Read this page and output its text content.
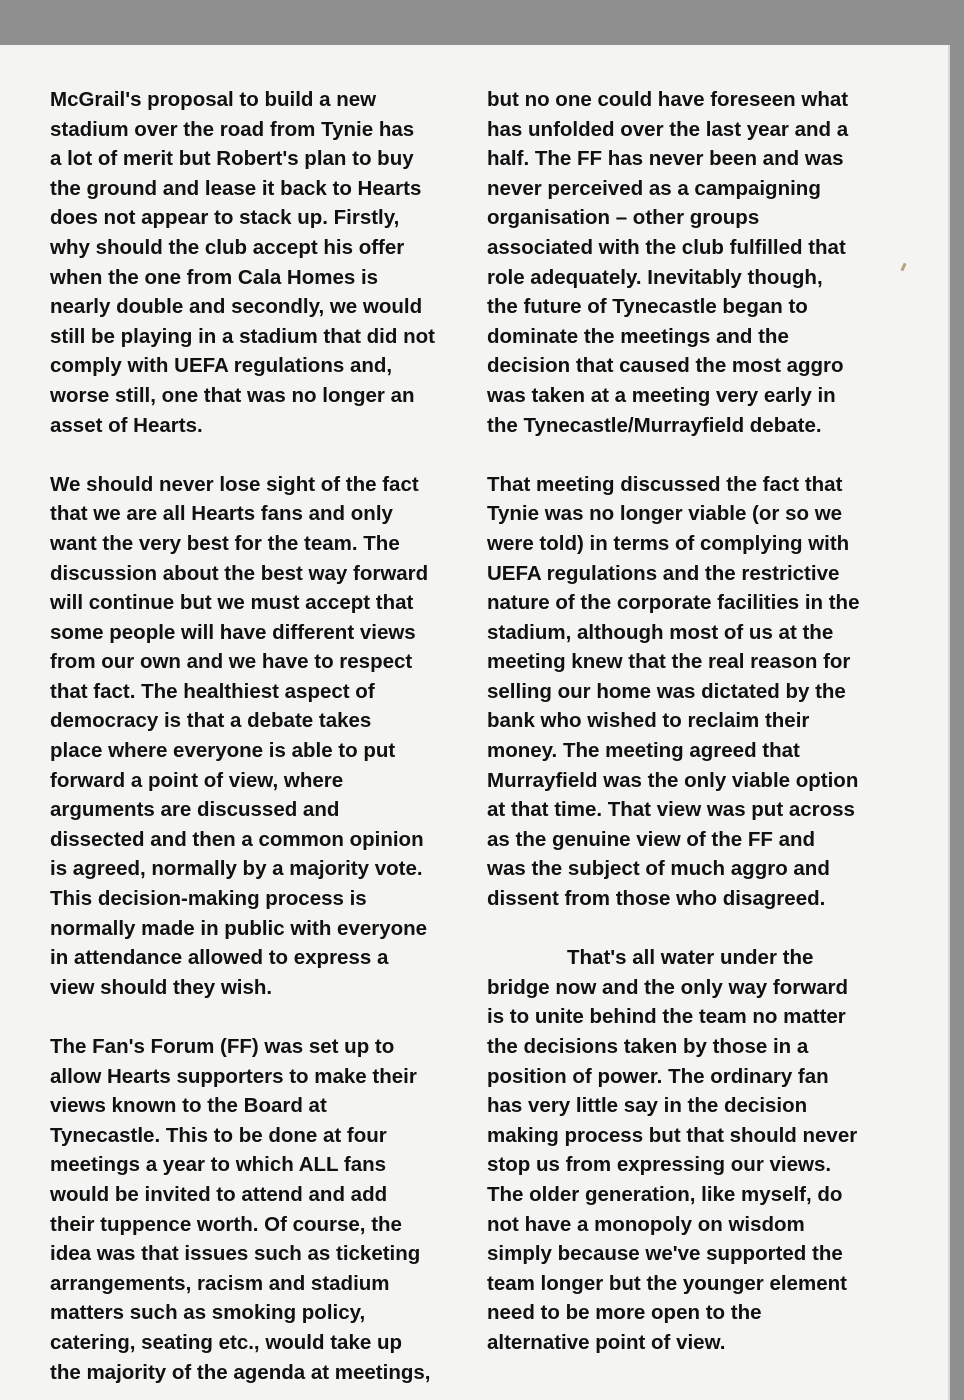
McGrail's proposal to build a new
stadium over the road from Tynie has
a lot of merit but Robert's plan to buy
the ground and lease it back to Hearts
does not appear to stack up. Firstly,
why should the club accept his offer
when the one from Cala Homes is
nearly double and secondly, we would
still be playing in a stadium that did not
comply with UEFA regulations and,
worse still, one that was no longer an
asset of Hearts.
We should never lose sight of the fact
that we are all Hearts fans and only
want the very best for the team. The
discussion about the best way forward
will continue but we must accept that
some people will have different views
from our own and we have to respect
that fact. The healthiest aspect of
democracy is that a debate takes
place where everyone is able to put
forward a point of view, where
arguments are discussed and
dissected and then a common opinion
is agreed, normally by a majority vote.
This decision-making process is
normally made in public with everyone
in attendance allowed to express a
view should they wish.
The Fan's Forum (FF) was set up to
allow Hearts supporters to make their
views known to the Board at
Tynecastle. This to be done at four
meetings a year to which ALL fans
would be invited to attend and add
their tuppence worth. Of course, the
idea was that issues such as ticketing
arrangements, racism and stadium
matters such as smoking policy,
catering, seating etc., would take up
the majority of the agenda at meetings,
but no one could have foreseen what
has unfolded over the last year and a
half. The FF has never been and was
never perceived as a campaigning
organisation – other groups
associated with the club fulfilled that
role adequately. Inevitably though,
the future of Tynecastle began to
dominate the meetings and the
decision that caused the most aggro
was taken at a meeting very early in
the Tynecastle/Murrayfield debate.
That meeting discussed the fact that
Tynie was no longer viable (or so we
were told) in terms of complying with
UEFA regulations and the restrictive
nature of the corporate facilities in the
stadium, although most of us at the
meeting knew that the real reason for
selling our home was dictated by the
bank who wished to reclaim their
money. The meeting agreed that
Murrayfield was the only viable option
at that time. That view was put across
as the genuine view of the FF and
was the subject of much aggro and
dissent from those who disagreed.
That's all water under the
bridge now and the only way forward
is to unite behind the team no matter
the decisions taken by those in a
position of power. The ordinary fan
has very little say in the decision
making process but that should never
stop us from expressing our views.
The older generation, like myself, do
not have a monopoly on wisdom
simply because we've supported the
team longer but the younger element
need to be more open to the
alternative point of view.
